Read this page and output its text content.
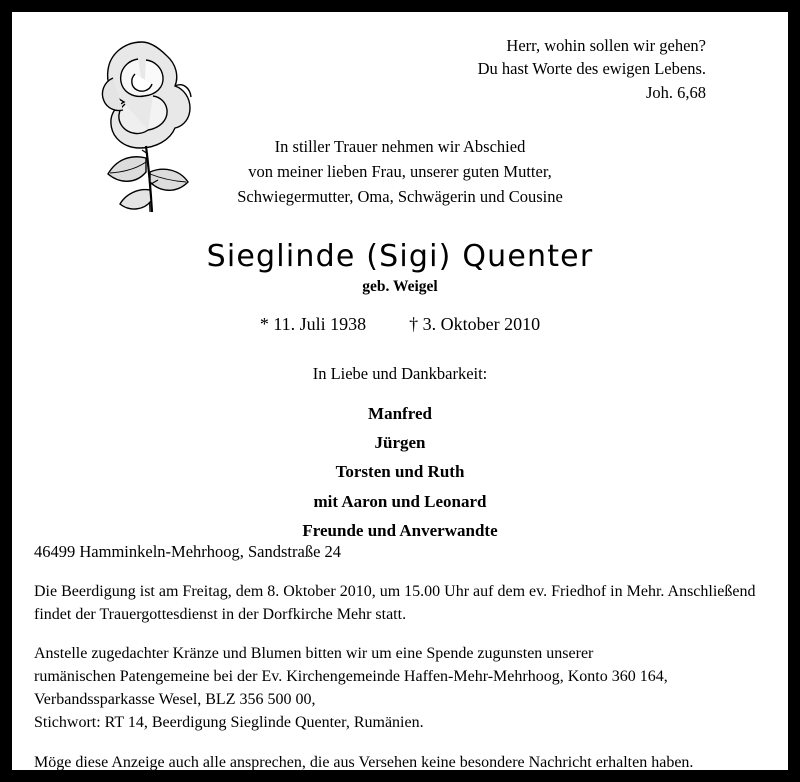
Herr, wohin sollen wir gehen?
Du hast Worte des ewigen Lebens.
Joh. 6,68
In stiller Trauer nehmen wir Abschied
von meiner lieben Frau, unserer guten Mutter,
Schwiegermutter, Oma, Schwägerin und Cousine
Sieglinde (Sigi) Quenter
geb. Weigel
* 11. Juli 1938 † 3. Oktober 2010
In Liebe und Dankbarkeit:
Manfred
Jürgen
Torsten und Ruth
mit Aaron und Leonard
Freunde und Anverwandte
46499 Hamminkeln-Mehrhoog, Sandstraße 24
Die Beerdigung ist am Freitag, dem 8. Oktober 2010, um 15.00 Uhr auf dem ev. Friedhof in Mehr. Anschließend findet der Trauergottesdienst in der Dorfkirche Mehr statt.
Anstelle zugedachter Kränze und Blumen bitten wir um eine Spende zugunsten unserer
rumänischen Patengemeine bei der Ev. Kirchengemeinde Haffen-Mehr-Mehrhoog, Konto 360 164,
Verbandssparkasse Wesel, BLZ 356 500 00,
Stichwort: RT 14, Beerdigung Sieglinde Quenter, Rumänien.
Möge diese Anzeige auch alle ansprechen, die aus Versehen keine besondere Nachricht erhalten haben.
